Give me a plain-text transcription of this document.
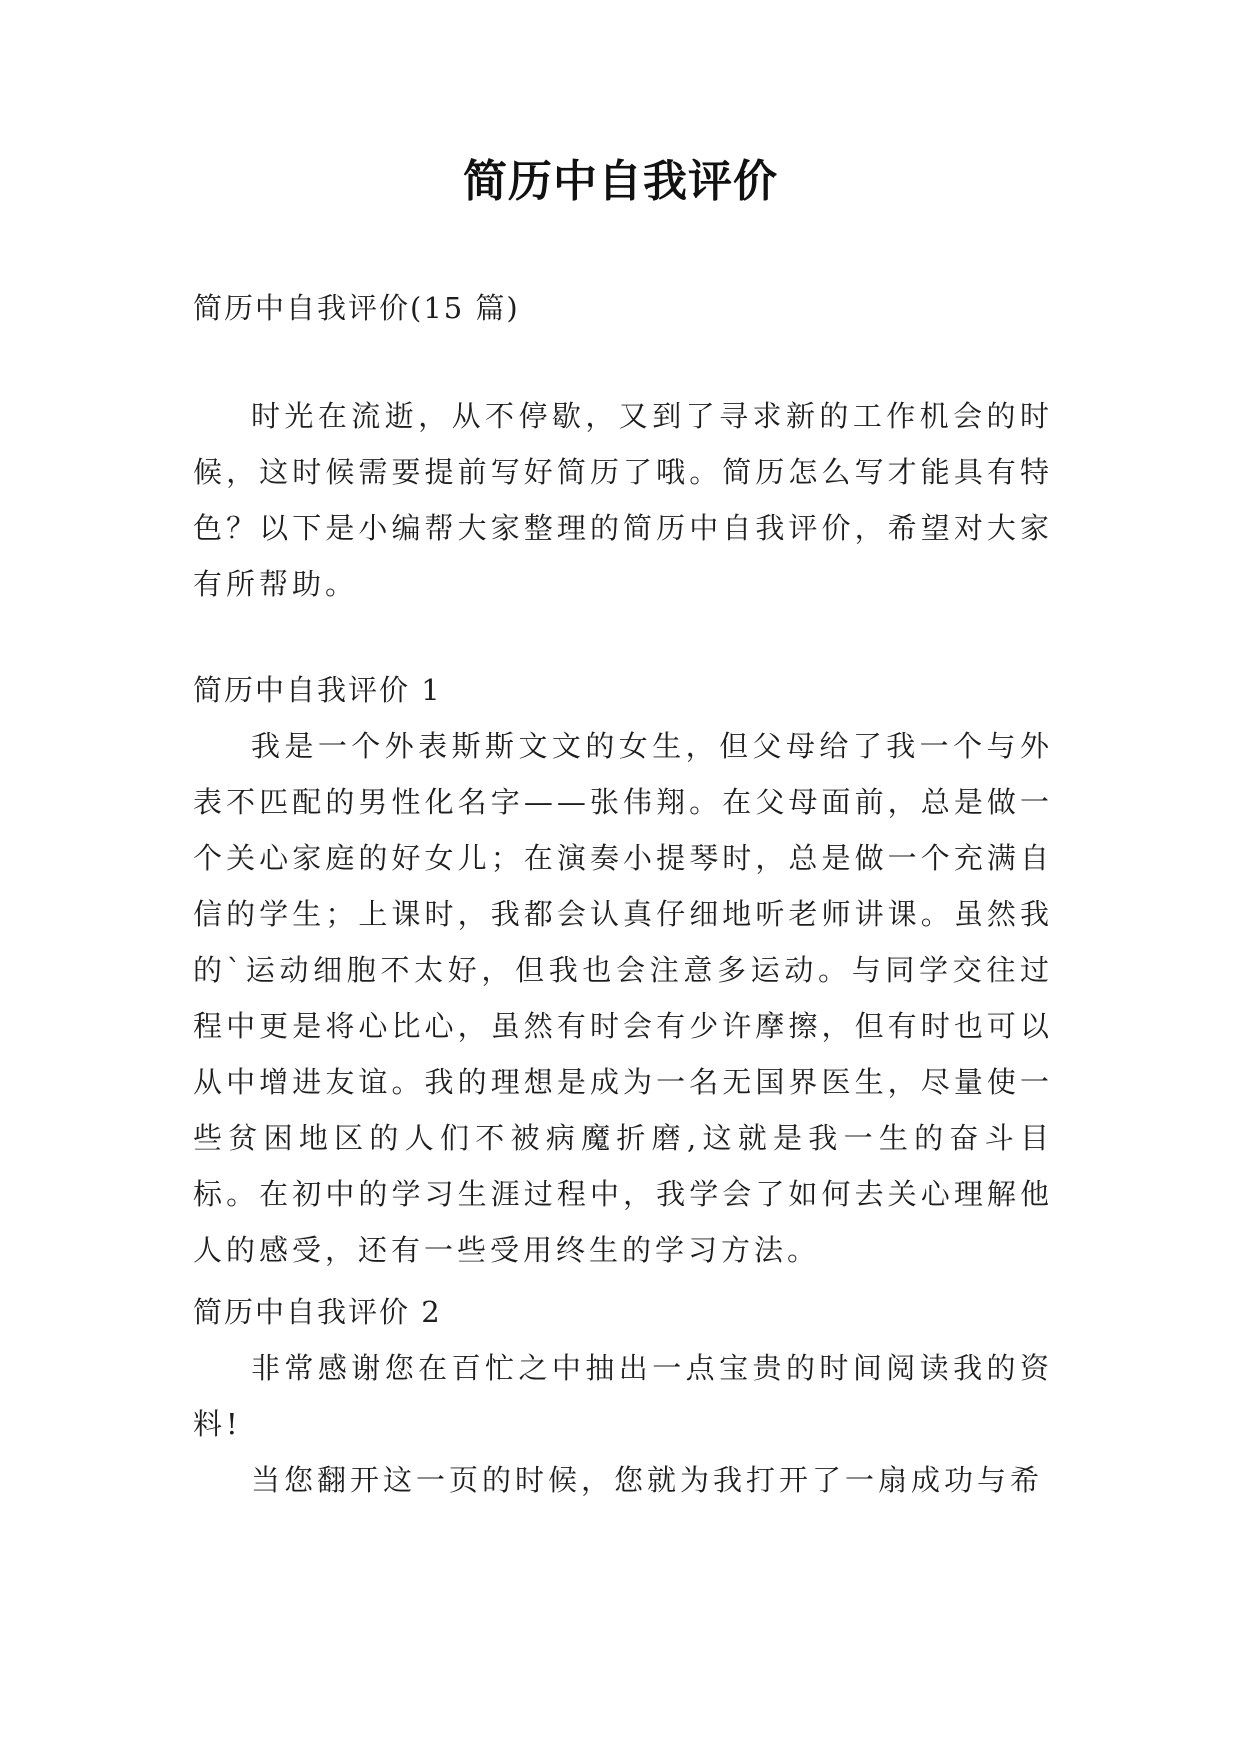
简历中自我评价

简历中自我评价(15 篇)

时光在流逝，从不停歇，又到了寻求新的工作机会的时候，这时候需要提前写好简历了哦。简历怎么写才能具有特色？以下是小编帮大家整理的简历中自我评价，希望对大家有所帮助。

简历中自我评价 1

我是一个外表斯斯文文的女生，但父母给了我一个与外表不匹配的男性化名字——张伟翔。在父母面前，总是做一个关心家庭的好女儿；在演奏小提琴时，总是做一个充满自信的学生；上课时，我都会认真仔细地听老师讲课。虽然我的`运动细胞不太好，但我也会注意多运动。与同学交往过程中更是将心比心，虽然有时会有少许摩擦，但有时也可以从中增进友谊。我的理想是成为一名无国界医生，尽量使一些贫困地区的人们不被病魔折磨,这就是我一生的奋斗目标。在初中的学习生涯过程中，我学会了如何去关心理解他人的感受，还有一些受用终生的学习方法。

简历中自我评价 2

非常感谢您在百忙之中抽出一点宝贵的时间阅读我的资料!

当您翻开这一页的时候，您就为我打开了一扇成功与希
